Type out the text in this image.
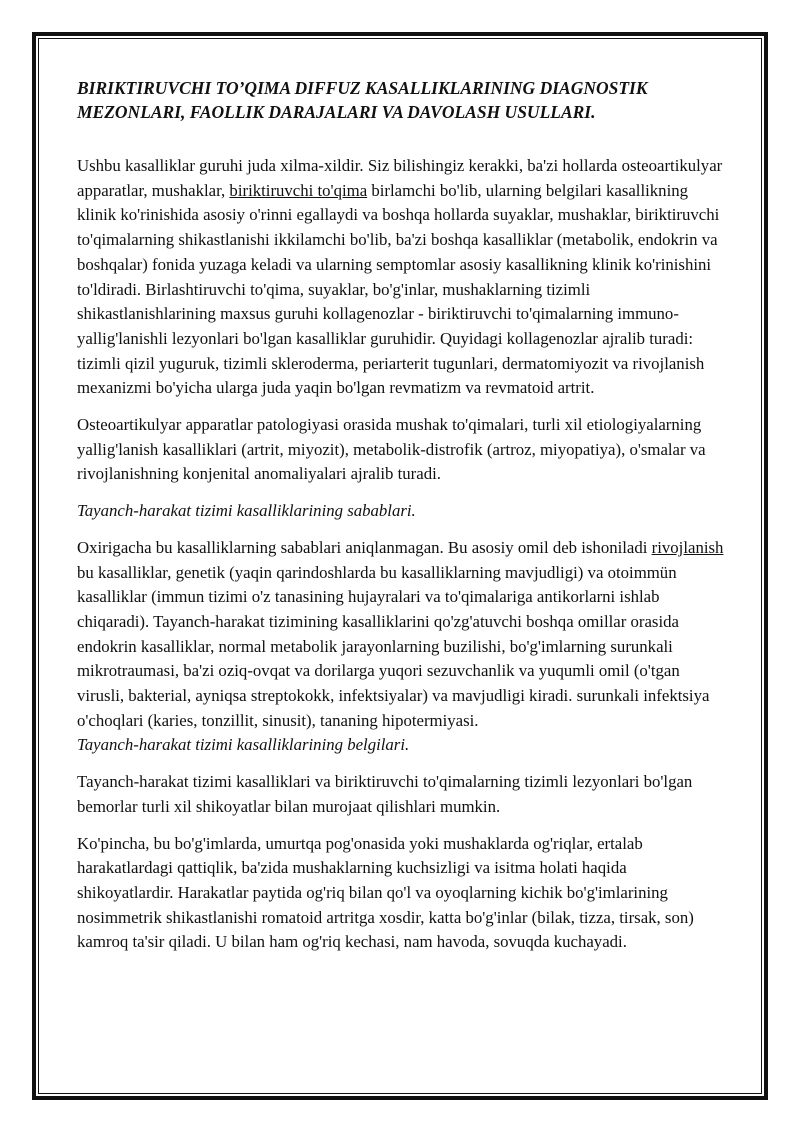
BIRIKTIRUVCHI TO’QIMA DIFFUZ KASALLIKLARINING DIAGNOSTIK MEZONLARI, FAOLLIK DARAJALARI VA DAVOLASH USULLARI.

Ushbu kasalliklar guruhi juda xilma-xildir. Siz bilishingiz kerakki, ba'zi hollarda osteoartikulyar apparatlar, mushaklar, biriktiruvchi to'qima birlamchi bo'lib, ularning belgilari kasallikning klinik ko'rinishida asosiy o'rinni egallaydi va boshqa hollarda suyaklar, mushaklar, biriktiruvchi to'qimalarning shikastlanishi ikkilamchi bo'lib, ba'zi boshqa kasalliklar (metabolik, endokrin va boshqalar) fonida yuzaga keladi va ularning semptomlar asosiy kasallikning klinik ko'rinishini to'ldiradi. Birlashtiruvchi to'qima, suyaklar, bo'g'inlar, mushaklarning tizimli shikastlanishlarining maxsus guruhi kollagenozlar - biriktiruvchi to'qimalarning immuno-yallig'lanishli lezyonlari bo'lgan kasalliklar guruhidir. Quyidagi kollagenozlar ajralib turadi: tizimli qizil yuguruk, tizimli skleroderma, periarterit tugunlari, dermatomiyozit va rivojlanish mexanizmi bo'yicha ularga juda yaqin bo'lgan revmatizm va revmatoid artrit.

Osteoartikulyar apparatlar patologiyasi orasida mushak to'qimalari, turli xil etiologiyalarning yallig'lanish kasalliklari (artrit, miyozit), metabolik-distrofik (artroz, miyopatiya), o'smalar va rivojlanishning konjenital anomaliyalari ajralib turadi.

Tayanch-harakat tizimi kasalliklarining sabablari.

Oxirigacha bu kasalliklarning sabablari aniqlanmagan. Bu asosiy omil deb ishoniladi rivojlanish bu kasalliklar, genetik (yaqin qarindoshlarda bu kasalliklarning mavjudligi) va otoimmün kasalliklar (immun tizimi o'z tanasining hujayralari va to'qimalariga antikorlarni ishlab chiqaradi). Tayanch-harakat tizimining kasalliklarini qo'zg'atuvchi boshqa omillar orasida endokrin kasalliklar, normal metabolik jarayonlarning buzilishi, bo'g'imlarning surunkali mikrotraumasi, ba'zi oziq-ovqat va dorilarga yuqori sezuvchanlik va yuqumli omil (o'tgan virusli, bakterial, ayniqsa streptokokk, infektsiyalar) va mavjudligi kiradi. surunkali infektsiya o'choqlari (karies, tonzillit, sinusit), tananing hipotermiyasi.

Tayanch-harakat tizimi kasalliklarining belgilari.

Tayanch-harakat tizimi kasalliklari va biriktiruvchi to'qimalarning tizimli lezyonlari bo'lgan bemorlar turli xil shikoyatlar bilan murojaat qilishlari mumkin.

Ko'pincha, bu bo'g'imlarda, umurtqa pog'onasida yoki mushaklarda og'riqlar, ertalab harakatlardagi qattiqlik, ba'zida mushaklarning kuchsizligi va isitma holati haqida shikoyatlardir. Harakatlar paytida og'riq bilan qo'l va oyoqlarning kichik bo'g'imlarining nosimmetrik shikastlanishi romatoid artritga xosdir, katta bo'g'inlar (bilak, tizza, tirsak, son) kamroq ta'sir qiladi. U bilan ham og'riq kechasi, nam havoda, sovuqda kuchayadi.
